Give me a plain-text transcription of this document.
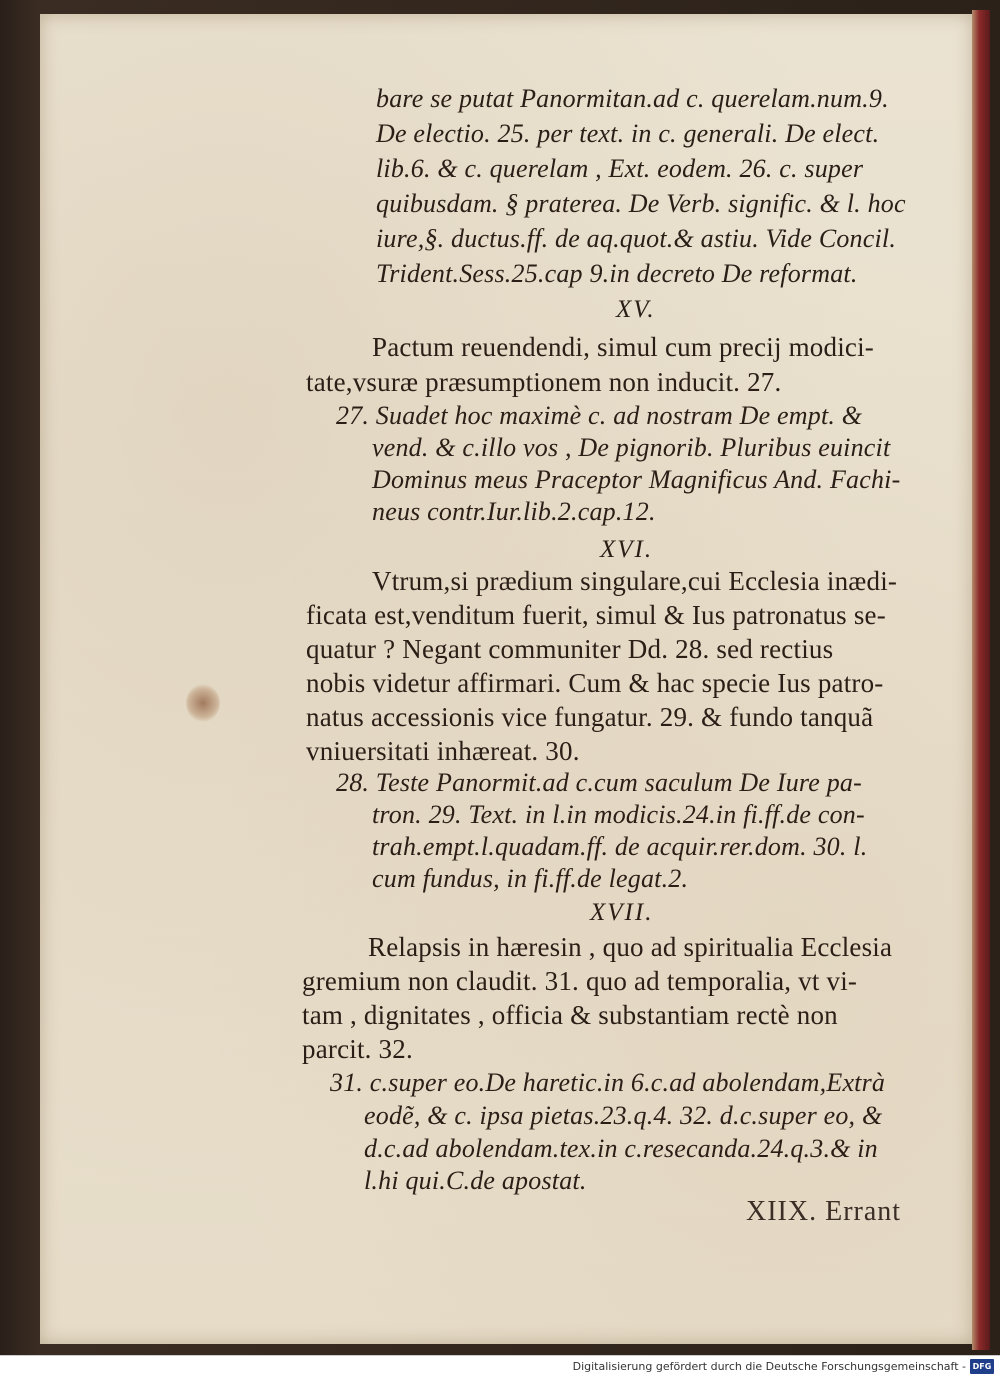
bare se putat Panormitan.ad c. querelam.num.9.
De electio. 25. per text. in c. generali. De elect.
lib.6. & c. querelam , Ext. eodem. 26. c. super
quibusdam. § praterea. De Verb. signific. & l. hoc
iure,§. ductus.ff. de aq.quot.& astiu. Vide Concil.
Trident.Sess.25.cap 9.in decreto De reformat.
XV.
Pactum reuendendi, simul cum precij modici-
tate,vsuræ præsumptionem non inducit. 27.
27. Suadet hoc maximè c. ad nostram De empt. &
vend. & c.illo vos , De pignorib. Pluribus euincit
Dominus meus Praceptor Magnificus And. Fachi-
neus contr.Iur.lib.2.cap.12.
XVI.
Vtrum,si prædium singulare,cui Ecclesia inædi-
ficata est,venditum fuerit, simul & Ius patronatus se-
quatur ? Negant communiter Dd. 28. sed rectius
nobis videtur affirmari. Cum & hac specie Ius patro-
natus accessionis vice fungatur. 29. & fundo tanquã
vniuersitati inhæreat. 30.
28. Teste Panormit.ad c.cum saculum De Iure pa-
tron. 29. Text. in l.in modicis.24.in fi.ff.de con-
trah.empt.l.quadam.ff. de acquir.rer.dom. 30. l.
cum fundus, in fi.ff.de legat.2.
XVII.
Relapsis in hæresin , quo ad spiritualia Ecclesia
gremium non claudit. 31. quo ad temporalia, vt vi-
tam , dignitates , officia & substantiam rectè non
parcit. 32.
31. c.super eo.De haretic.in 6.c.ad abolendam,Extrà
eodẽ, & c. ipsa pietas.23.q.4. 32. d.c.super eo, &
d.c.ad abolendam.tex.in c.resecanda.24.q.3.& in
l.hi qui.C.de apostat.
XIIX. Errant
Digitalisierung gefördert durch die Deutsche Forschungsgemeinschaft - DFG
